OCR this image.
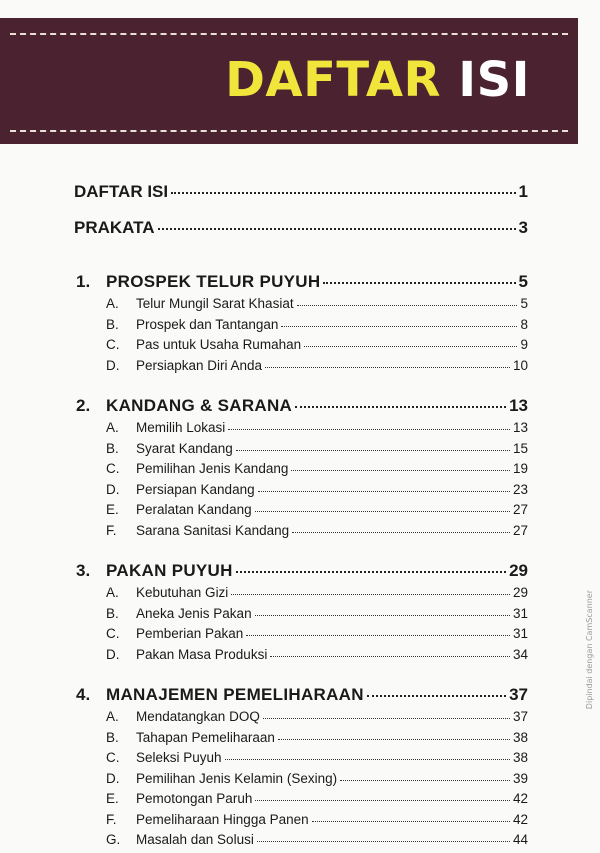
DAFTAR ISI
DAFTAR ISI	1
PRAKATA	3
1. PROSPEK TELUR PUYUH	5
A.	Telur Mungil Sarat Khasiat	5
B.	Prospek dan Tantangan	8
C.	Pas untuk Usaha Rumahan	9
D.	Persiapkan Diri Anda	10
2. KANDANG & SARANA	13
A.	Memilih Lokasi	13
B.	Syarat Kandang	15
C.	Pemilihan Jenis Kandang	19
D.	Persiapan Kandang	23
E.	Peralatan Kandang	27
F.	Sarana Sanitasi Kandang	27
3. PAKAN PUYUH	29
A.	Kebutuhan Gizi	29
B.	Aneka Jenis Pakan	31
C.	Pemberian Pakan	31
D.	Pakan Masa Produksi	34
4. MANAJEMEN PEMELIHARAAN	37
A.	Mendatangkan DOQ	37
B.	Tahapan Pemeliharaan	38
C.	Seleksi Puyuh	38
D.	Pemilihan Jenis Kelamin (Sexing)	39
E.	Pemotongan Paruh	42
F.	Pemeliharaan Hingga Panen	42
G.	Masalah dan Solusi	44
Dipindai dengan CamScanner
